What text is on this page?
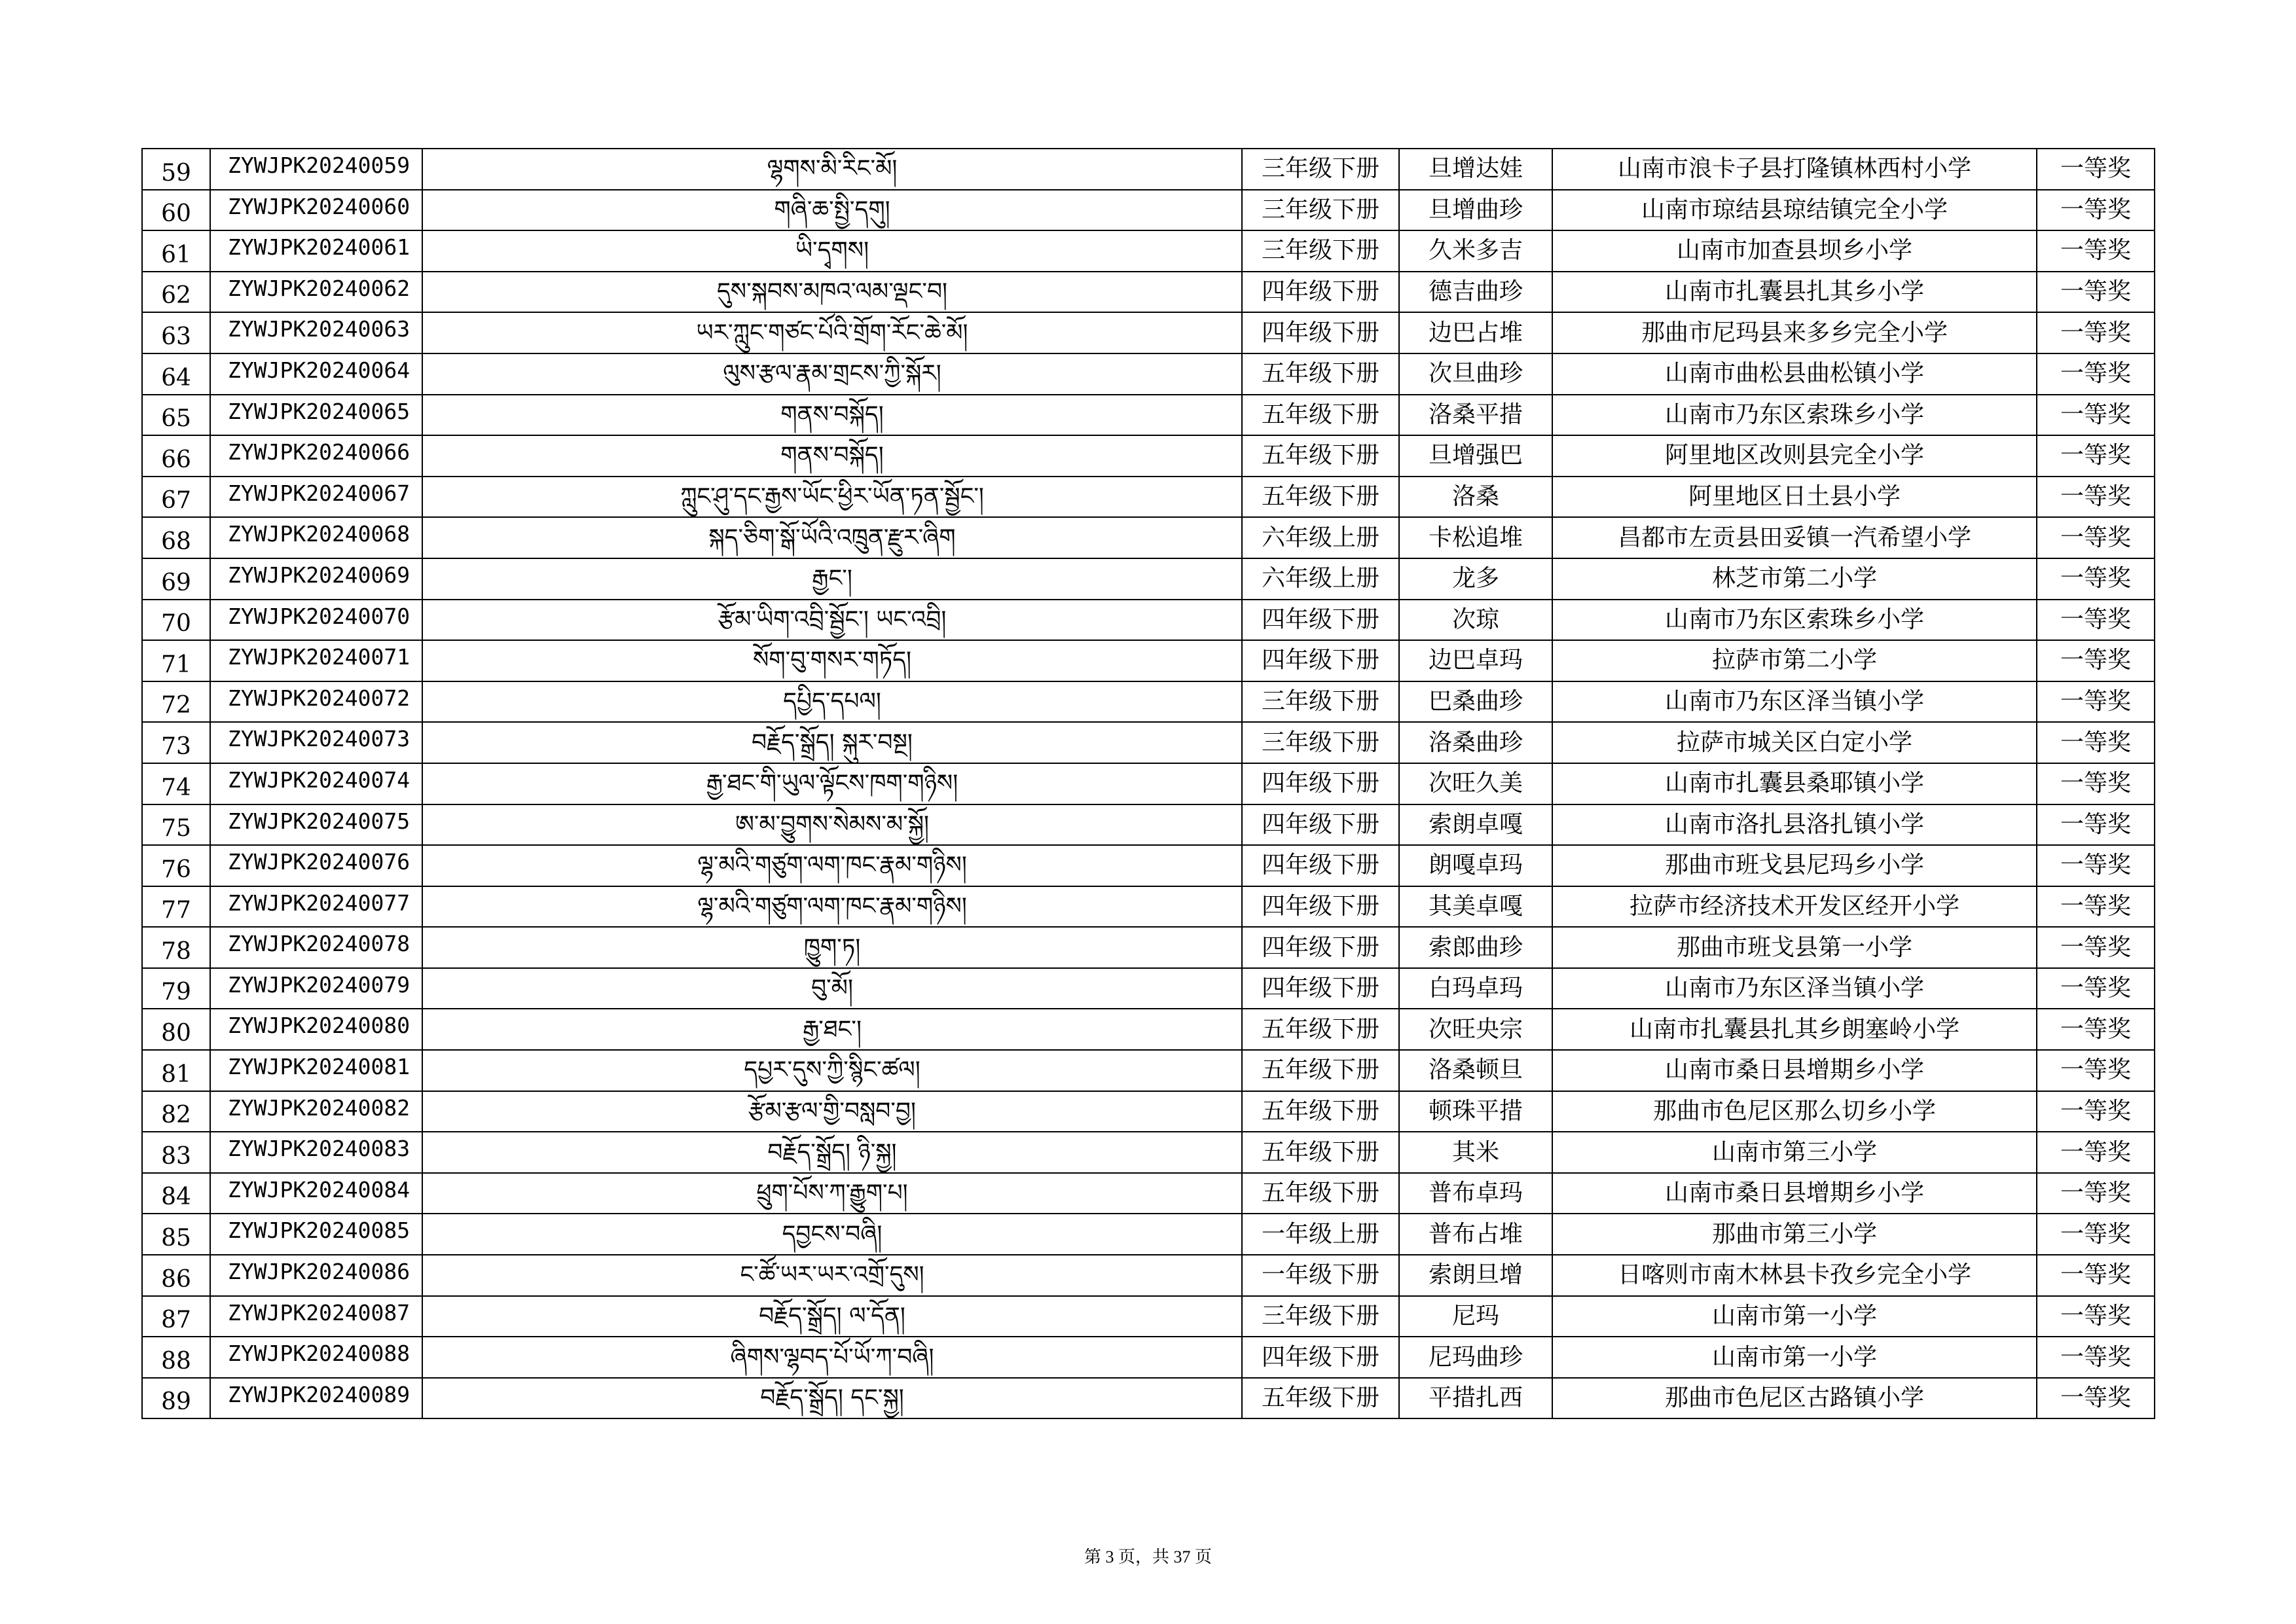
59	ZYWJPK20240059	ལྷགས་མི་རིང་མོ།	三年级下册	旦增达娃	山南市浪卡子县打隆镇林西村小学	一等奖
60	ZYWJPK20240060	གཞི་ཆ་སྤྱི་དགུ།	三年级下册	旦增曲珍	山南市琼结县琼结镇完全小学	一等奖
61	ZYWJPK20240061	ཡི་དྭགས།	三年级下册	久米多吉	山南市加查县坝乡小学	一等奖
62	ZYWJPK20240062	དུས་སྐབས་མཁའ་ལམ་ལྡང་བ།	四年级下册	德吉曲珍	山南市扎囊县扎其乡小学	一等奖
63	ZYWJPK20240063	ཡར་ཀླུང་གཙང་པོའི་གྲོག་རོང་ཆེ་མོ།	四年级下册	边巴占堆	那曲市尼玛县来多乡完全小学	一等奖
64	ZYWJPK20240064	ལུས་རྩལ་རྣམ་གྲངས་ཀྱི་སྐོར།	五年级下册	次旦曲珍	山南市曲松县曲松镇小学	一等奖
65	ZYWJPK20240065	གནས་བསྐོད།	五年级下册	洛桑平措	山南市乃东区索珠乡小学	一等奖
66	ZYWJPK20240066	གནས་བསྐོད།	五年级下册	旦增强巴	阿里地区改则县完全小学	一等奖
67	ZYWJPK20240067	ཀླུང་ཤུ་དང་རྒྱས་ཡོང་ཕྱིར་ཡོན་ཏན་སྦྱོང་།	五年级下册	洛桑	阿里地区日土县小学	一等奖
68	ZYWJPK20240068	སྐད་ཅིག་སྒོ་ཡོའི་འཁྲུན་རྫུར་ཞིག	六年级上册	卡松追堆	昌都市左贡县田妥镇一汽希望小学	一等奖
69	ZYWJPK20240069	རྒྱང་།	六年级上册	龙多	林芝市第二小学	一等奖
70	ZYWJPK20240070	རྩོམ་ཡིག་འབྲི་སྦྱོང་། ཡང་འབྲི།	四年级下册	次琼	山南市乃东区索珠乡小学	一等奖
71	ZYWJPK20240071	སོག་བུ་གསར་གཏོད།	四年级下册	边巴卓玛	拉萨市第二小学	一等奖
72	ZYWJPK20240072	དཔྱིད་དཔལ།	三年级下册	巴桑曲珍	山南市乃东区泽当镇小学	一等奖
73	ZYWJPK20240073	བརྗོད་སྒྲོད། སྐུར་བསྔ།	三年级下册	洛桑曲珍	拉萨市城关区白定小学	一等奖
74	ZYWJPK20240074	རྒྱ་ཐང་གི་ཡུལ་ལྟོངས་ཁག་གཉིས།	四年级下册	次旺久美	山南市扎囊县桑耶镇小学	一等奖
75	ZYWJPK20240075	ཨ་མ་བྱུགས་སེམས་མ་སྐྱོ།	四年级下册	索朗卓嘎	山南市洛扎县洛扎镇小学	一等奖
76	ZYWJPK20240076	ལྷ་མའི་གཙུག་ལག་ཁང་རྣམ་གཉིས།	四年级下册	朗嘎卓玛	那曲市班戈县尼玛乡小学	一等奖
77	ZYWJPK20240077	ལྷ་མའི་གཙུག་ལག་ཁང་རྣམ་གཉིས།	四年级下册	其美卓嘎	拉萨市经济技术开发区经开小学	一等奖
78	ZYWJPK20240078	ཁྱུག་ཏ།	四年级下册	索郎曲珍	那曲市班戈县第一小学	一等奖
79	ZYWJPK20240079	བུ་མོ།	四年级下册	白玛卓玛	山南市乃东区泽当镇小学	一等奖
80	ZYWJPK20240080	རྒྱ་ཐང་།	五年级下册	次旺央宗	山南市扎囊县扎其乡朗塞岭小学	一等奖
81	ZYWJPK20240081	དཔྱར་དུས་ཀྱི་སྙིང་ཚལ།	五年级下册	洛桑顿旦	山南市桑日县增期乡小学	一等奖
82	ZYWJPK20240082	རྩོམ་རྩལ་གྱི་བསླབ་བྱ།	五年级下册	顿珠平措	那曲市色尼区那么切乡小学	一等奖
83	ZYWJPK20240083	བརྗོད་སྒྲོད། ཉི་སྐྱ།	五年级下册	其米	山南市第三小学	一等奖
84	ZYWJPK20240084	ཕྲུག་པོས་ཀ་རྒྱུག་པ།	五年级下册	普布卓玛	山南市桑日县增期乡小学	一等奖
85	ZYWJPK20240085	དབྱངས་བཞི།	一年级上册	普布占堆	那曲市第三小学	一等奖
86	ZYWJPK20240086	ང་ཚོ་ཡར་ཡར་འགྲོ་དུས།	一年级下册	索朗旦增	日喀则市南木林县卡孜乡完全小学	一等奖
87	ZYWJPK20240087	བརྗོད་སྒྲོད། ལ་དོན།	三年级下册	尼玛	山南市第一小学	一等奖
88	ZYWJPK20240088	ཞིགས་ལྷབད་པོ་ཡོ་ཀ་བཞི།	四年级下册	尼玛曲珍	山南市第一小学	一等奖
89	ZYWJPK20240089	བརྗོད་སྒྲོད། དང་སྐྱ།	五年级下册	平措扎西	那曲市色尼区古路镇小学	一等奖
第 3 页，共 37 页
